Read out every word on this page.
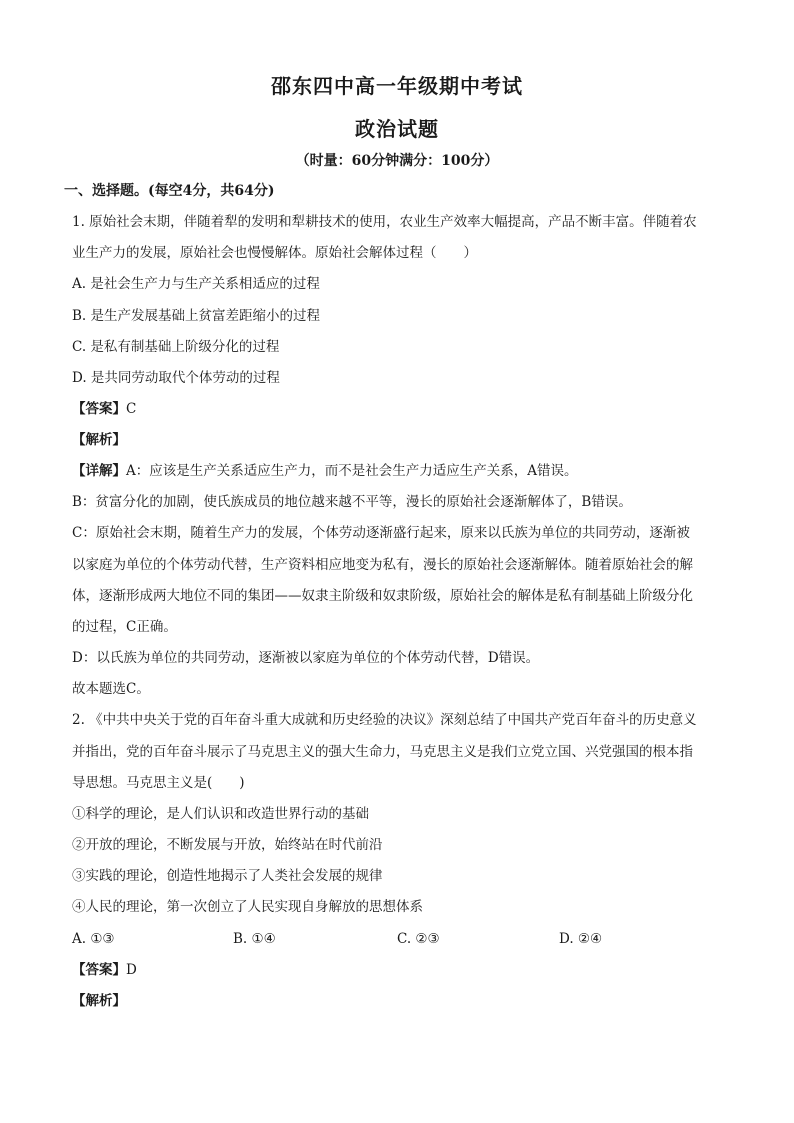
邵东四中高一年级期中考试
政治试题
（时量：60分钟满分：100分）
一、选择题。(每空4分，共64分)
1. 原始社会末期，伴随着犁的发明和犁耕技术的使用，农业生产效率大幅提高，产品不断丰富。伴随着农
业生产力的发展，原始社会也慢慢解体。原始社会解体过程（　　）
A. 是社会生产力与生产关系相适应的过程
B. 是生产发展基础上贫富差距缩小的过程
C. 是私有制基础上阶级分化的过程
D. 是共同劳动取代个体劳动的过程
【答案】C
【解析】
【详解】A：应该是生产关系适应生产力，而不是社会生产力适应生产关系，A错误。
B：贫富分化的加剧，使氏族成员的地位越来越不平等，漫长的原始社会逐渐解体了，B错误。
C：原始社会末期，随着生产力的发展，个体劳动逐渐盛行起来，原来以氏族为单位的共同劳动，逐渐被
以家庭为单位的个体劳动代替，生产资料相应地变为私有，漫长的原始社会逐渐解体。随着原始社会的解
体，逐渐形成两大地位不同的集团——奴隶主阶级和奴隶阶级，原始社会的解体是私有制基础上阶级分化
的过程，C正确。
D：以氏族为单位的共同劳动，逐渐被以家庭为单位的个体劳动代替，D错误。
故本题选C。
2. 《中共中央关于党的百年奋斗重大成就和历史经验的决议》深刻总结了中国共产党百年奋斗的历史意义
并指出，党的百年奋斗展示了马克思主义的强大生命力，马克思主义是我们立党立国、兴党强国的根本指
导思想。马克思主义是(　　)
①科学的理论，是人们认识和改造世界行动的基础
②开放的理论，不断发展与开放，始终站在时代前沿
③实践的理论，创造性地揭示了人类社会发展的规律
④人民的理论，第一次创立了人民实现自身解放的思想体系
A. ①③	B. ①④	C. ②③	D. ②④
【答案】D
【解析】
